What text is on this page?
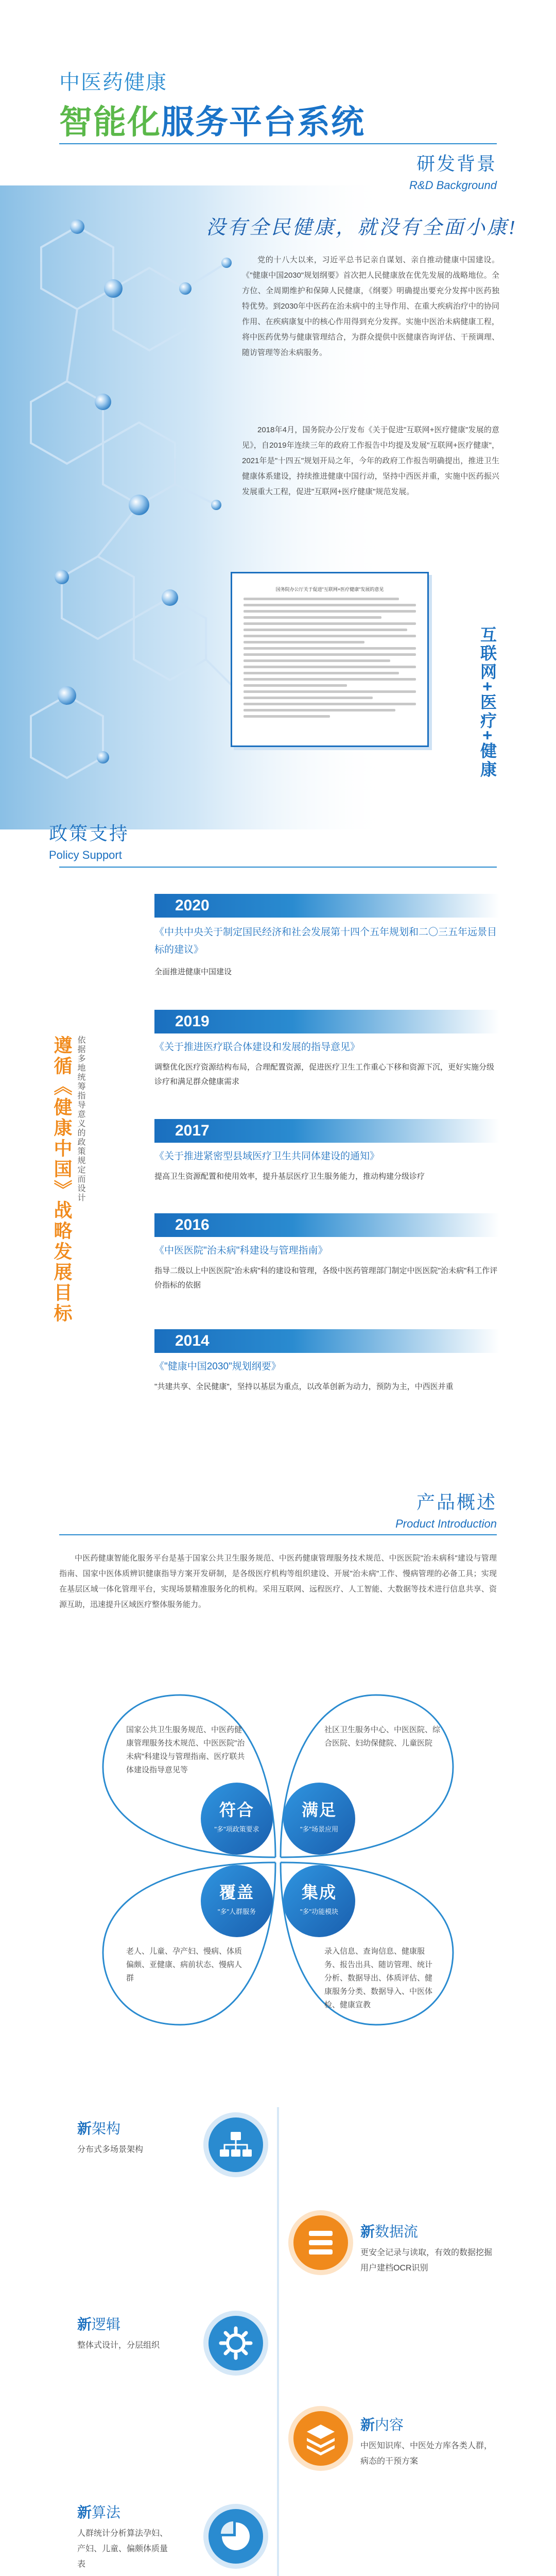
中医药健康
智能化服务平台系统
研发背景
R&D Background
没有全民健康，就没有全面小康!
党的十八大以来，习近平总书记亲自谋划、亲自推动健康中国建设。《"健康中国2030"规划纲要》首次把人民健康放在优先发展的战略地位。全方位、全周期维护和保障人民健康，《纲要》明确提出要充分发挥中医药独特优势。到2030年中医药在治未病中的主导作用、在重大疾病治疗中的协同作用、在疾病康复中的核心作用得到充分发挥。实施中医治未病健康工程，将中医药优势与健康管理结合，为群众提供中医健康咨询评估、干预调理、随访管理等治未病服务。
2018年4月，国务院办公厅发布《关于促进"互联网+医疗健康"发展的意见》，自2019年连续三年的政府工作报告中均提及发展"互联网+医疗健康"，2021年是"十四五"规划开局之年，今年的政府工作报告明确提出，推进卫生健康体系建设，持续推进健康中国行动，坚持中西医并重，实施中医药振兴发展重大工程，促进"互联网+医疗健康"规范发展。
国务院办公厅关于促进"互联网+医疗健康"发展的意见
互联网+医疗+健康
政策支持
Policy Support
遵循《健康中国》战略发展目标 依据多地统筹指导意义的政策规定而设计
2020
《中共中央关于制定国民经济和社会发展第十四个五年规划和二〇三五年远景目标的建议》
全面推进健康中国建设
2019
《关于推进医疗联合体建设和发展的指导意见》
调整优化医疗资源结构布局，合理配置资源，促进医疗卫生工作重心下移和资源下沉，更好实施分级诊疗和满足群众健康需求
2017
《关于推进紧密型县域医疗卫生共同体建设的通知》
提高卫生资源配置和使用效率，提升基层医疗卫生服务能力，推动构建分级诊疗
2016
《中医医院"治未病"科建设与管理指南》
指导二级以上中医医院"治未病"科的建设和管理，各级中医药管理部门制定中医医院"治未病"科工作评价指标的依据
2014
《"健康中国2030"规划纲要》
"共建共享、全民健康"，坚持以基层为重点，以改革创新为动力，预防为主，中西医并重
产品概述
Product Introduction
中医药健康智能化服务平台是基于国家公共卫生服务规范、中医药健康管理服务技术规范、中医医院"治未病科"建设与管理指南、国家中医体质辨识健康指导方案开发研制，是各级医疗机构等组织建设、开展"治未病"工作、慢病管理的必备工具；实现在基层区域一体化管理平台，实现场景精准服务化的机构。采用互联网、远程医疗、人工智能、大数据等技术进行信息共享、资源互助，迅速提升区域医疗整体服务能力。
符合
"多"项政策要求
满足
"多"场景应用
覆盖
"多"人群服务
集成
"多"功能模块
国家公共卫生服务规范、中医药健康管理服务技术规范、中医医院"治未病"科建设与管理指南、医疗联共体建设指导意见等
社区卫生服务中心、中医医院、综合医院、妇幼保健院、儿童医院
老人、儿童、孕产妇、慢病、体质偏颇、亚健康、病前状态、慢病人群
录入信息、查询信息、健康服务、报告出具、随访管理、统计分析、数据导出、体质评估、健康服务分类、数据导入、中医体检、健康宣教
新架构
分布式多场景架构
新数据流
更安全记录与读取，有效的数据挖掘用户建档OCR识别
新逻辑
整体式设计，分层组织
新内容
中医知识库、中医处方库各类人群，病态的干预方案
新算法
人群统计分析算法孕妇、产妇、儿童、偏颇体质量表
